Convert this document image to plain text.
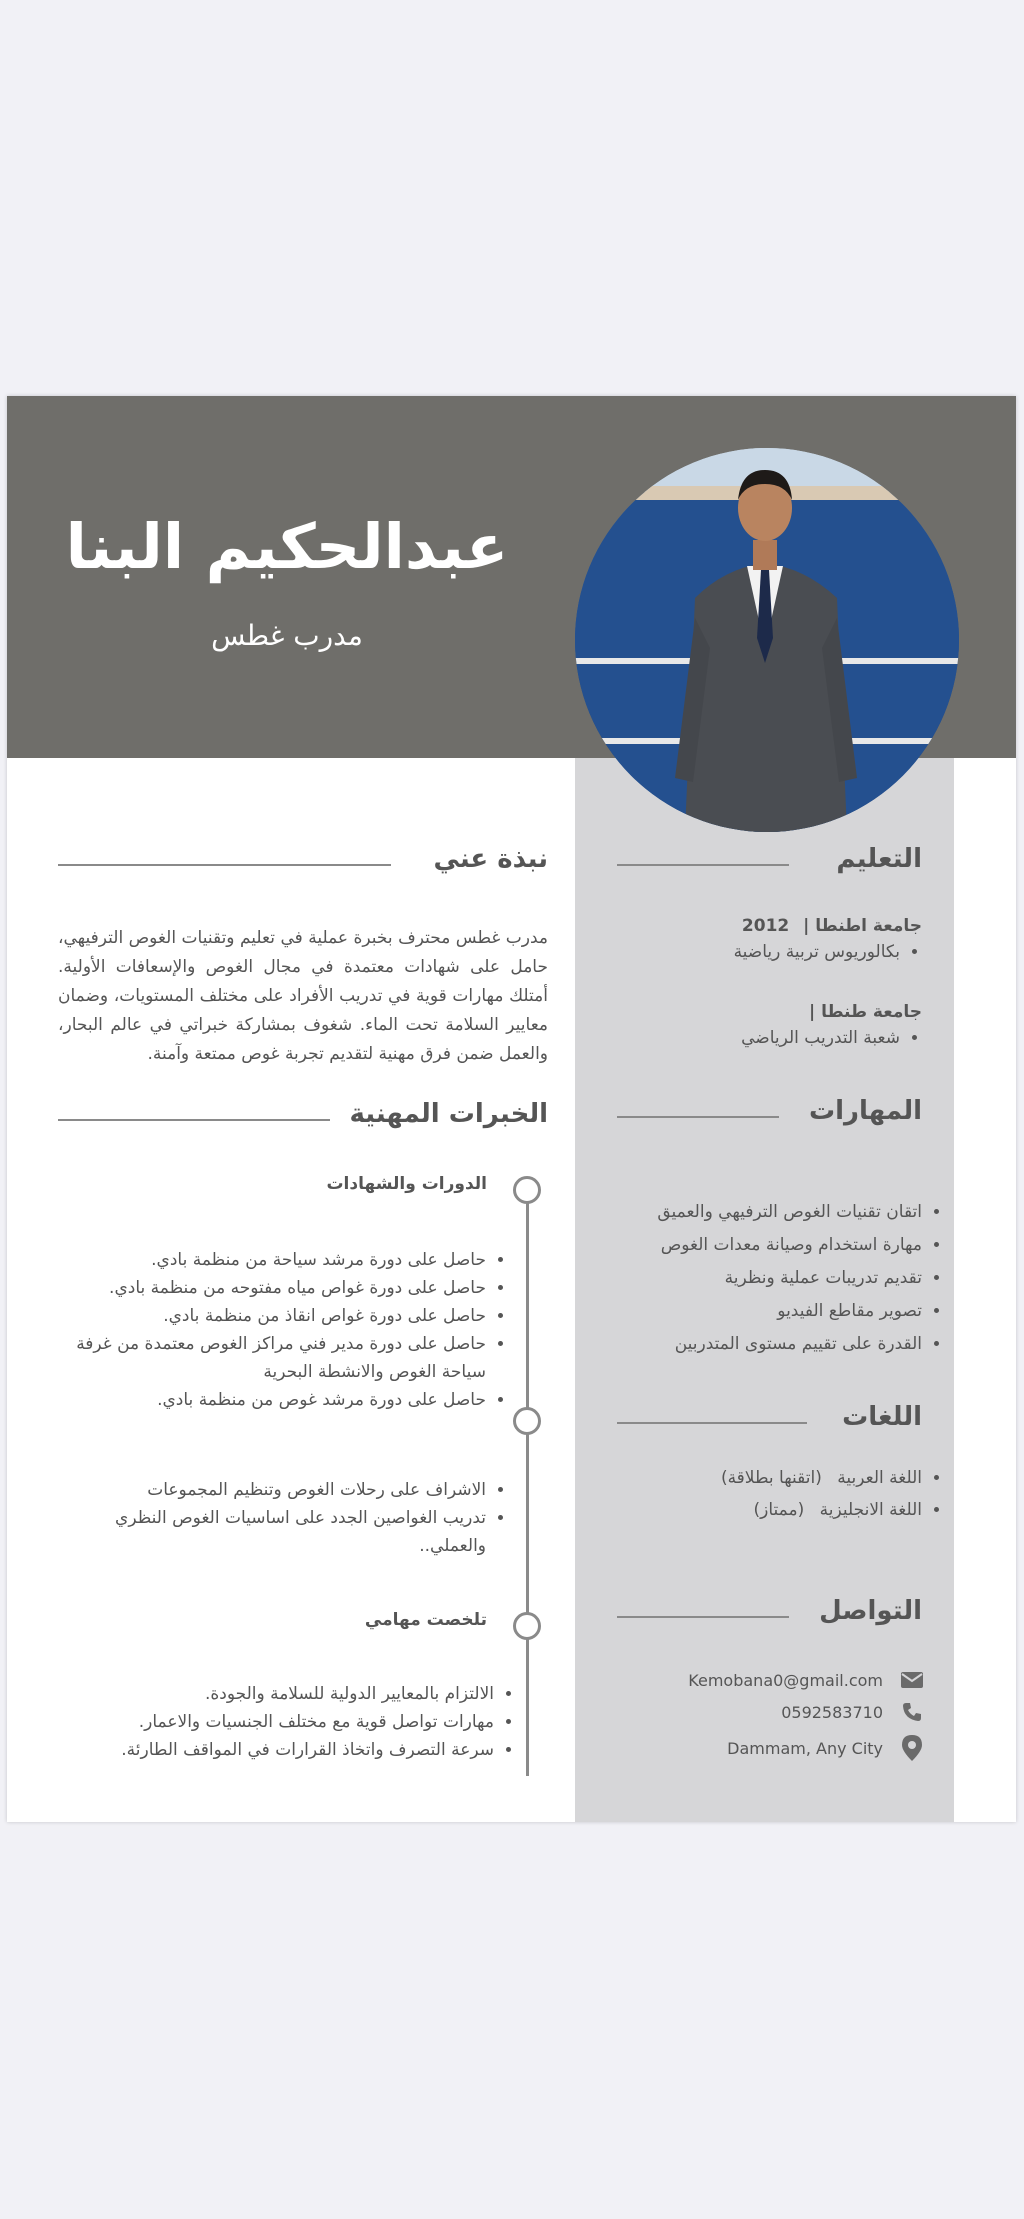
عبدالحكيم البنا
مدرب غطس
نبذة عني
مدرب غطس محترف بخبرة عملية في تعليم وتقنيات الغوص الترفيهي، حامل على شهادات معتمدة في مجال الغوص والإسعافات الأولية. أمتلك مهارات قوية في تدريب الأفراد على مختلف المستويات، وضمان معايير السلامة تحت الماء. شغوف بمشاركة خبراتي في عالم البحار، والعمل ضمن فرق مهنية لتقديم تجربة غوص ممتعة وآمنة.
التعليم
جامعة اطنطا | 2012
• بكالوريوس تربية رياضية
جامعة طنطا |
• شعبة التدريب الرياضي
المهارات
• اتقان تقنيات الغوص الترفيهي والعميق
• مهارة استخدام وصيانة معدات الغوص
• تقديم تدريبات عملية ونظرية
• تصوير مقاطع الفيديو
• القدرة على تقييم مستوى المتدربين
اللغات
• اللغة العربية (اتقنها بطلاقة)
• اللغة الانجليزية (ممتاز)
التواصل
Kemobana0@gmail.com
0592583710
Dammam, Any City
الخبرات المهنية
الدورات والشهادات
• حاصل على دورة مرشد سياحة من منظمة بادي.
• حاصل على دورة غواص مياه مفتوحه من منظمة بادي.
• حاصل على دورة غواص انقاذ من منظمة بادي.
• حاصل على دورة مدير فني مراكز الغوص معتمدة من غرفة سياحة الغوص والانشطة البحرية
• حاصل على دورة مرشد غوص من منظمة بادي.
• الاشراف على رحلات الغوص وتنظيم المجموعات
• تدريب الغواصين الجدد على اساسيات الغوص النظري والعملي..
تلخصت مهامي
• الالتزام بالمعايير الدولية للسلامة والجودة.
• مهارات تواصل قوية مع مختلف الجنسيات والاعمار.
• سرعة التصرف واتخاذ القرارات في المواقف الطارئة.
